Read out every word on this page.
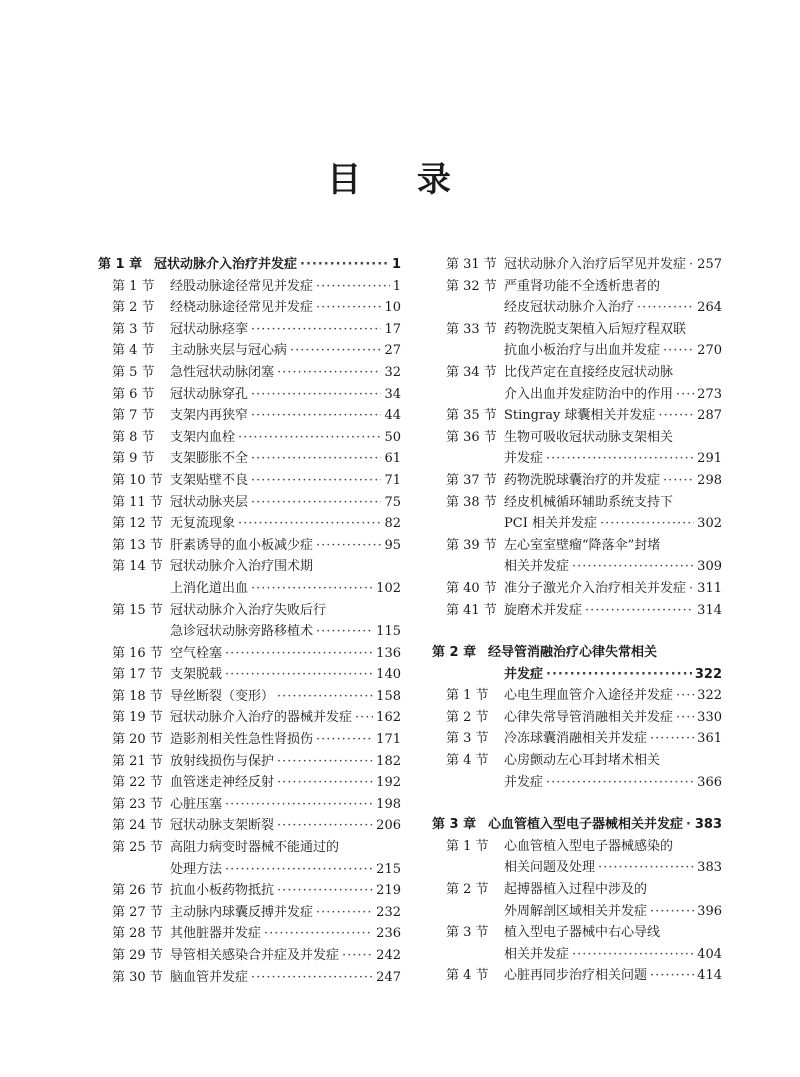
目 录
第 1 章 冠状动脉介入治疗并发症 ·····	1
第 1 节 经股动脉途径常见并发症 ·····	1
第 2 节 经桡动脉途径常见并发症 ·····	10
第 3 节 冠状动脉痉挛 ·····	17
第 4 节 主动脉夹层与冠心病 ·····	27
第 5 节 急性冠状动脉闭塞 ·····	32
第 6 节 冠状动脉穿孔 ·····	34
第 7 节 支架内再狭窄 ·····	44
第 8 节 支架内血栓 ·····	50
第 9 节 支架膨胀不全 ·····	61
第 10 节 支架贴壁不良 ·····	71
第 11 节 冠状动脉夹层 ·····	75
第 12 节 无复流现象 ·····	82
第 13 节 肝素诱导的血小板减少症 ·····	95
第 14 节 冠状动脉介入治疗围术期
上消化道出血 ·····	102
第 15 节 冠状动脉介入治疗失败后行
急诊冠状动脉旁路移植术 ·····	115
第 16 节 空气栓塞 ·····	136
第 17 节 支架脱载 ·····	140
第 18 节 导丝断裂（变形） ·····	158
第 19 节 冠状动脉介入治疗的器械并发症 ····· 162
第 20 节 造影剂相关性急性肾损伤 ·····	171
第 21 节 放射线损伤与保护 ·····	182
第 22 节 血管迷走神经反射 ·····	192
第 23 节 心脏压塞 ·····	198
第 24 节 冠状动脉支架断裂 ·····	206
第 25 节 高阻力病变时器械不能通过的
处理方法 ·····	215
第 26 节 抗血小板药物抵抗 ·····	219
第 27 节 主动脉内球囊反搏并发症 ·····	232
第 28 节 其他脏器并发症 ·····	236
第 29 节 导管相关感染合并症及并发症 ·····	242
第 30 节 脑血管并发症 ·····	247
第 31 节 冠状动脉介入治疗后罕见并发症 ····· 257
第 32 节 严重肾功能不全透析患者的
经皮冠状动脉介入治疗 ·····	264
第 33 节 药物洗脱支架植入后短疗程双联
抗血小板治疗与出血并发症 ·····	270
第 34 节 比伐芦定在直接经皮冠状动脉
介入出血并发症防治中的作用 ····· 273
第 35 节 Stingray 球囊相关并发症 ·····	287
第 36 节 生物可吸收冠状动脉支架相关
并发症 ·····	291
第 37 节 药物洗脱球囊治疗的并发症 ·····	298
第 38 节 经皮机械循环辅助系统支持下
PCI 相关并发症 ·····	302
第 39 节 左心室室壁瘤“降落伞”封堵
相关并发症 ·····	309
第 40 节 准分子激光介入治疗相关并发症 ····· 311
第 41 节 旋磨术并发症 ·····	314
第 2 章 经导管消融治疗心律失常相关
并发症 ·····	322
第 1 节 心电生理血管介入途径并发症 ····· 322
第 2 节 心律失常导管消融相关并发症 ····· 330
第 3 节 冷冻球囊消融相关并发症 ·····	361
第 4 节 心房颤动左心耳封堵术相关
并发症 ·····	366
第 3 章 心血管植入型电子器械相关并发症 ····· 383
第 1 节 心血管植入型电子器械感染的
相关问题及处理 ·····	383
第 2 节 起搏器植入过程中涉及的
外周解剖区域相关并发症 ·····	396
第 3 节 植入型电子器械中右心导线
相关并发症 ·····	404
第 4 节 心脏再同步治疗相关问题 ·····	414
